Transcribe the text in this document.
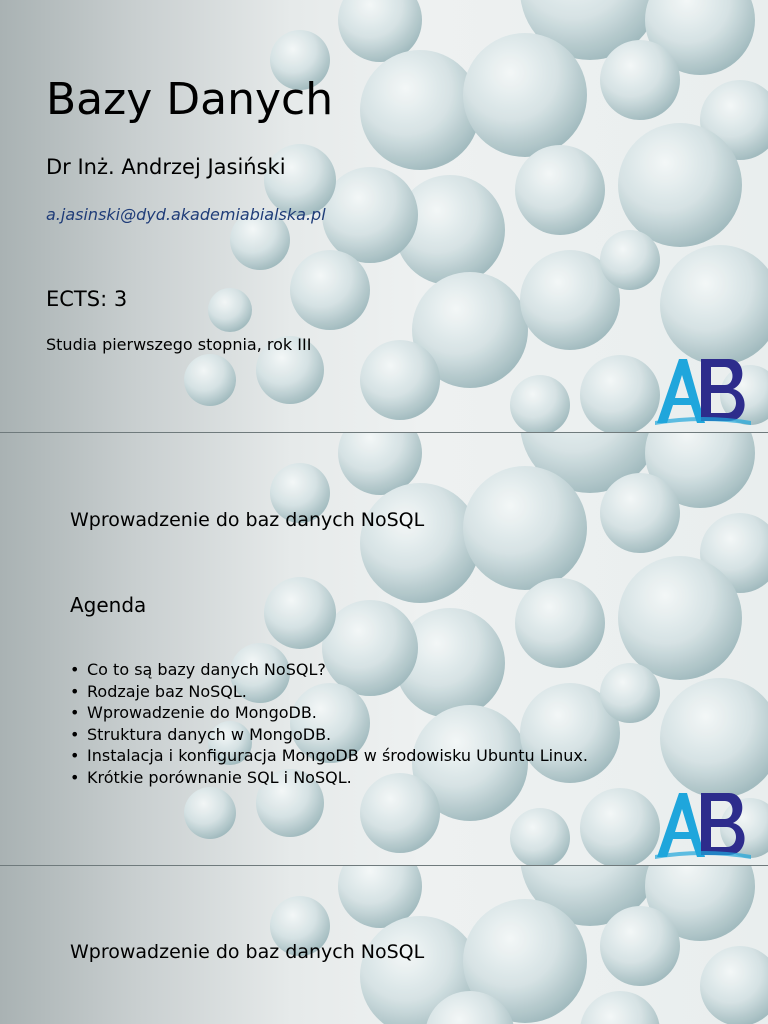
Bazy Danych
Dr Inż. Andrzej Jasiński
a.jasinski@dyd.akademiabialska.pl
ECTS: 3
Studia pierwszego stopnia, rok III
Wprowadzenie do baz danych NoSQL
Agenda
• Co to są bazy danych NoSQL?
• Rodzaje baz NoSQL.
• Wprowadzenie do MongoDB.
• Struktura danych w MongoDB.
• Instalacja i konfiguracja MongoDB w środowisku Ubuntu Linux.
• Krótkie porównanie SQL i NoSQL.
Wprowadzenie do baz danych NoSQL
